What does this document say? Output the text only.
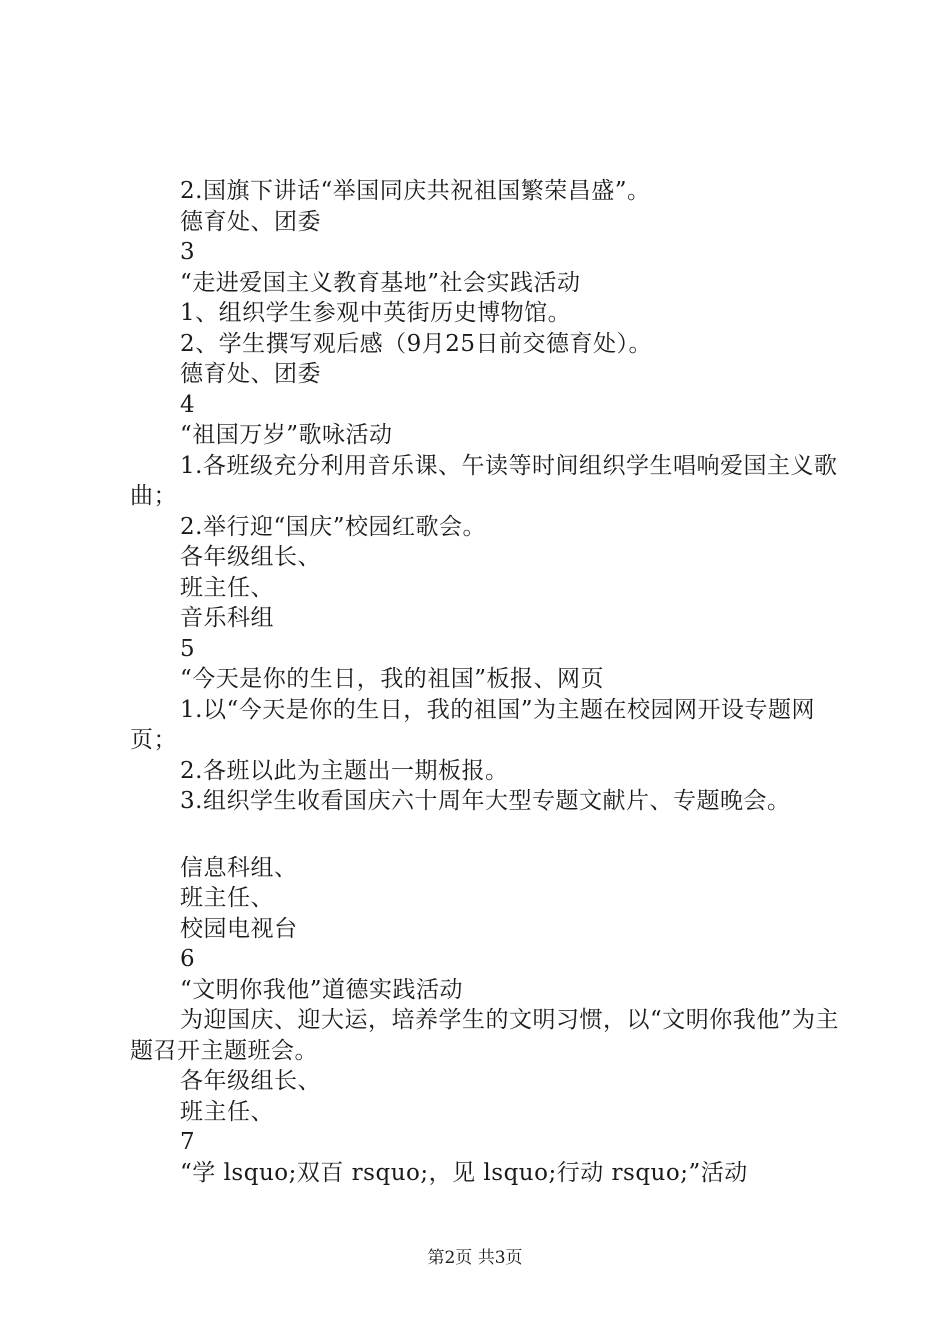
2.国旗下讲话“举国同庆共祝祖国繁荣昌盛”。
德育处、团委
3
“走进爱国主义教育基地”社会实践活动
1、组织学生参观中英街历史博物馆。
2、学生撰写观后感（9月25日前交德育处）。
德育处、团委
4
“祖国万岁”歌咏活动
1.各班级充分利用音乐课、午读等时间组织学生唱响爱国主义歌曲；
2.举行迎“国庆”校园红歌会。
各年级组长、
班主任、
音乐科组
5
“今天是你的生日，我的祖国”板报、网页
1.以“今天是你的生日，我的祖国”为主题在校园网开设专题网页；
2.各班以此为主题出一期板报。
3.组织学生收看国庆六十周年大型专题文献片、专题晚会。
信息科组、
班主任、
校园电视台
6
“文明你我他”道德实践活动
为迎国庆、迎大运，培养学生的文明习惯，以“文明你我他”为主题召开主题班会。
各年级组长、
班主任、
7
“学 lsquo;双百 rsquo;，见 lsquo;行动 rsquo;”活动
第2页 共3页
